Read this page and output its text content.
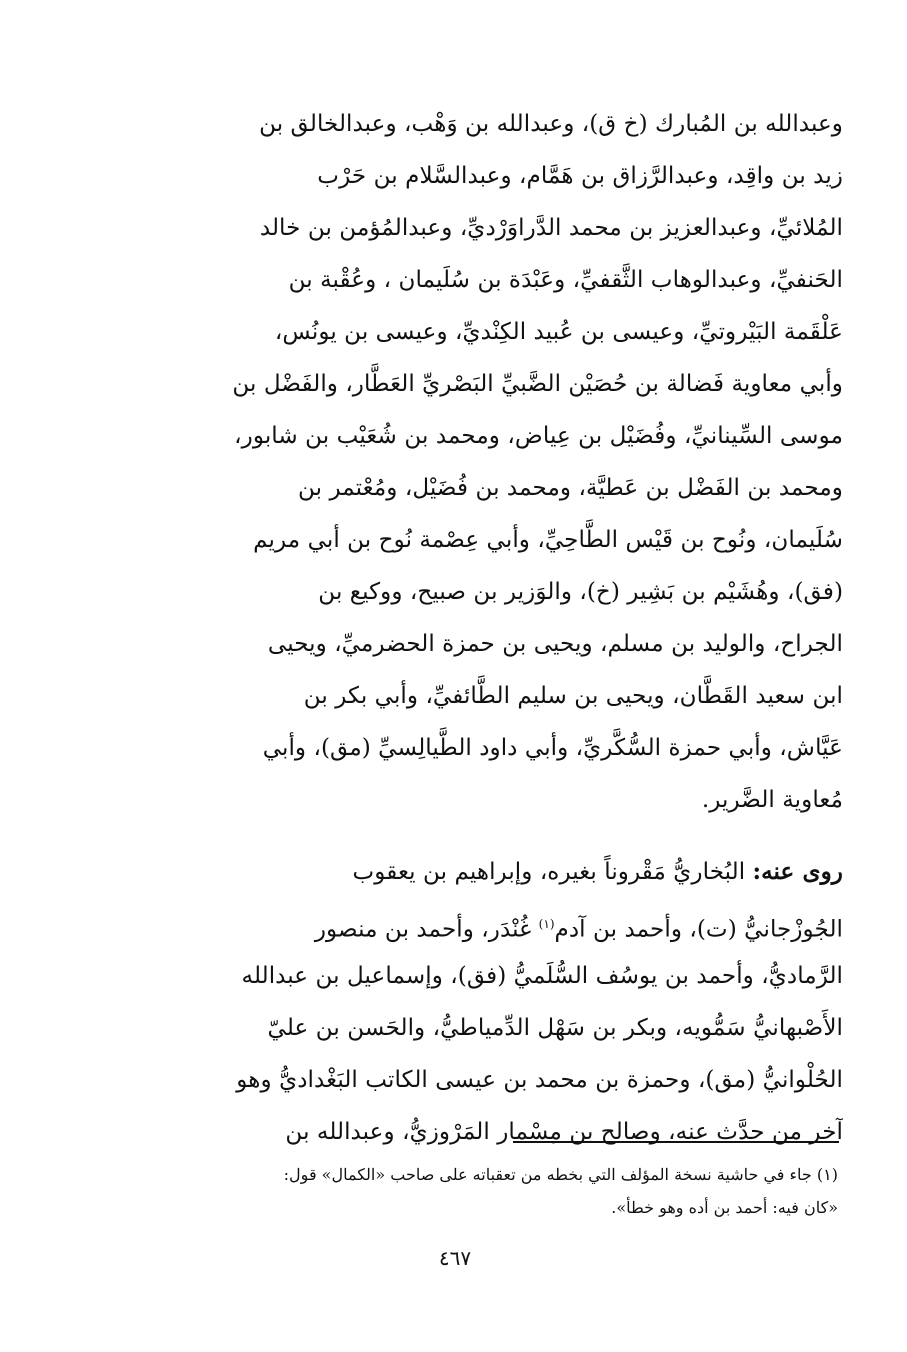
وعبدالله بن المُبارك (خ ق)، وعبدالله بن وَهْب، وعبدالخالق بن
زيد بن واقِد، وعبدالرَّزاق بن هَمَّام، وعبدالسَّلام بن حَرْب
المُلائيِّ، وعبدالعزيز بن محمد الدَّراوَرْديِّ، وعبدالمُؤمن بن خالد
الحَنفيِّ، وعبدالوهاب الثَّقفيِّ، وعَبْدَة بن سُلَيمان ، وعُقْبة بن
عَلْقَمة البَيْروتيِّ، وعيسى بن عُبيد الكِنْديِّ، وعيسى بن يونُس،
وأبي معاوية فَضالة بن حُصَيْن الضَّبيِّ البَصْريِّ العَطَّار، والفَضْل بن
موسى السِّينانيِّ، وفُضَيْل بن عِياض، ومحمد بن شُعَيْب بن شابور،
ومحمد بن الفَضْل بن عَطيَّة، ومحمد بن فُضَيْل، ومُعْتمر بن
سُلَيمان، ونُوح بن قَيْس الطَّاحِيِّ، وأبي عِصْمة نُوح بن أبي مريم
(فق)، وهُشَيْم بن بَشِير (خ)، والوَزير بن صبيح، ووكيع بن
الجراح، والوليد بن مسلم، ويحيى بن حمزة الحضرميِّ، ويحيى
ابن سعيد القَطَّان، ويحيى بن سليم الطَّائفيِّ، وأبي بكر بن
عَيَّاش، وأبي حمزة السُّكَّريِّ، وأبي داود الطَّيالِسيِّ (مق)، وأبي
مُعاوية الضَّرير.
روى عنه: البُخاريُّ مَقْروناً بغيره، وإبراهيم بن يعقوب
الجُوزْجانيُّ (ت)، وأحمد بن آدم$^{(١)}$ غُنْدَر، وأحمد بن منصور
الرَّماديُّ، وأحمد بن يوسُف السُّلَميُّ (فق)، وإسماعيل بن عبدالله
الأَصْبهانيُّ سَمُّويه، وبكر بن سَهْل الدِّمياطيُّ، والحَسن بن عليّ
الحُلْوانيُّ (مق)، وحمزة بن محمد بن عيسى الكاتب البَغْداديُّ وهو
آخر من حدَّث عنه، وصالح بن مِسْمار المَرْوزيُّ، وعبدالله بن
(١) جاء في حاشية نسخة المؤلف التي بخطه من تعقباته على صاحب «الكمال» قول:
«كان فيه: أحمد بن أده وهو خطأ».
٤٦٧
